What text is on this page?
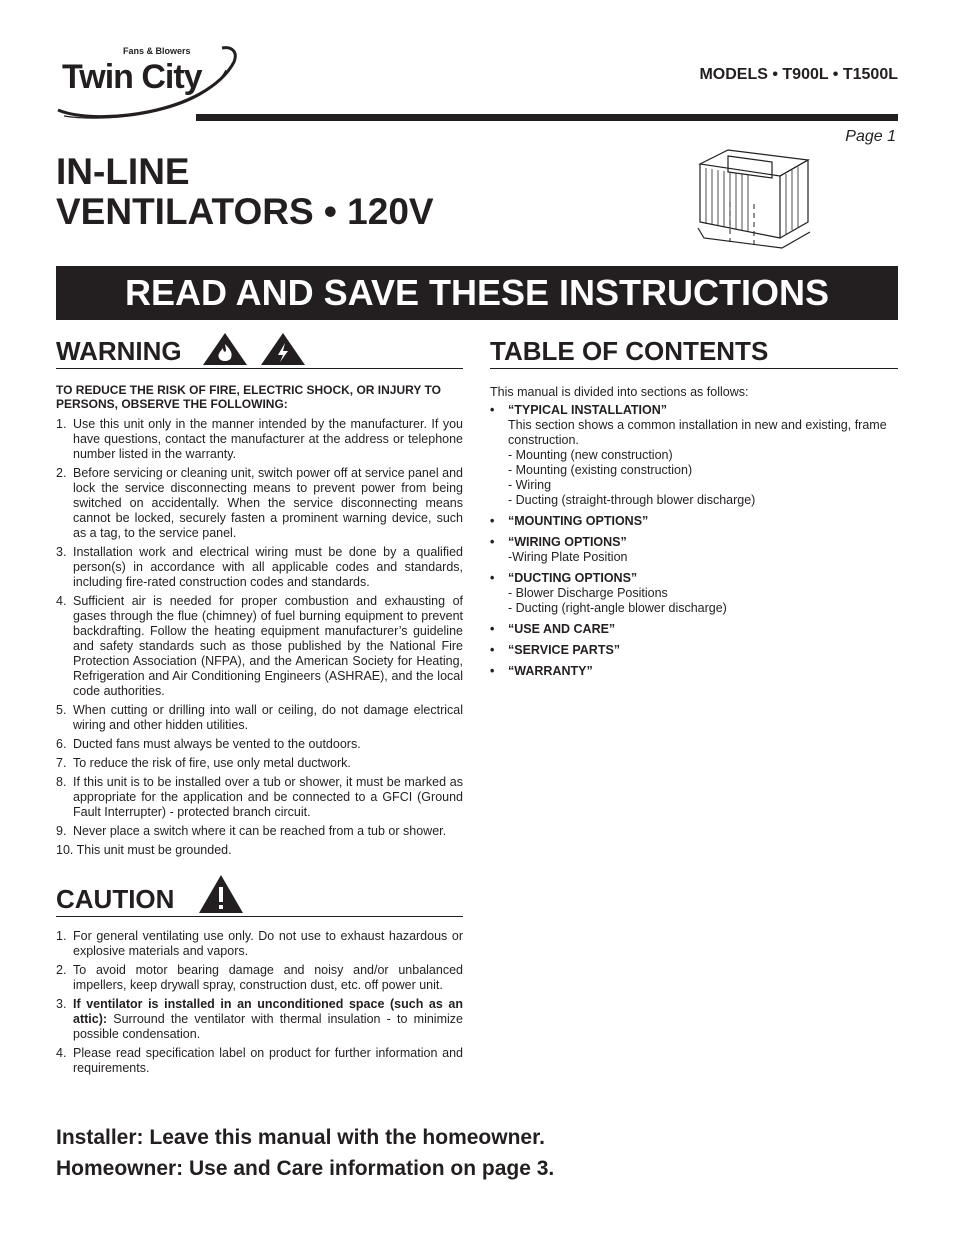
Fans & Blowers
Twin City	MODELS • T900L • T1500L
Page 1
IN-LINE
VENTILATORS • 120V
READ AND SAVE THESE INSTRUCTIONS
WARNING
TO REDUCE THE RISK OF FIRE, ELECTRIC SHOCK, OR INJURY TO PERSONS, OBSERVE THE FOLLOWING:
1. Use this unit only in the manner intended by the manufacturer. If you have questions, contact the manufacturer at the address or telephone number listed in the warranty.
2. Before servicing or cleaning unit, switch power off at service panel and lock the service disconnecting means to prevent power from being switched on accidentally. When the service disconnecting means cannot be locked, securely fasten a prominent warning device, such as a tag, to the service panel.
3. Installation work and electrical wiring must be done by a qualified person(s) in accordance with all applicable codes and standards, including fire-rated construction codes and standards.
4. Sufficient air is needed for proper combustion and exhausting of gases through the flue (chimney) of fuel burning equipment to prevent backdrafting. Follow the heating equipment manufacturer’s guideline and safety standards such as those published by the National Fire Protection Association (NFPA), and the American Society for Heating, Refrigeration and Air Conditioning Engineers (ASHRAE), and the local code authorities.
5. When cutting or drilling into wall or ceiling, do not damage electrical wiring and other hidden utilities.
6. Ducted fans must always be vented to the outdoors.
7. To reduce the risk of fire, use only metal ductwork.
8. If this unit is to be installed over a tub or shower, it must be marked as appropriate for the application and be connected to a GFCI (Ground Fault Interrupter) - protected branch circuit.
9. Never place a switch where it can be reached from a tub or shower.
10. This unit must be grounded.
CAUTION
1. For general ventilating use only. Do not use to exhaust hazardous or explosive materials and vapors.
2. To avoid motor bearing damage and noisy and/or unbalanced impellers, keep drywall spray, construction dust, etc. off power unit.
3. If ventilator is installed in an unconditioned space (such as an attic): Surround the ventilator with thermal insulation - to minimize possible condensation.
4. Please read specification label on product for further information and requirements.
TABLE OF CONTENTS
This manual is divided into sections as follows:
• “TYPICAL INSTALLATION”
This section shows a common installation in new and existing, frame construction.
- Mounting (new construction)
- Mounting (existing construction)
- Wiring
- Ducting (straight-through blower discharge)
• “MOUNTING OPTIONS”
• “WIRING OPTIONS”
-Wiring Plate Position
• “DUCTING OPTIONS”
- Blower Discharge Positions
- Ducting (right-angle blower discharge)
• “USE AND CARE”
• “SERVICE PARTS”
• “WARRANTY”
Installer: Leave this manual with the homeowner.
Homeowner: Use and Care information on page 3.
